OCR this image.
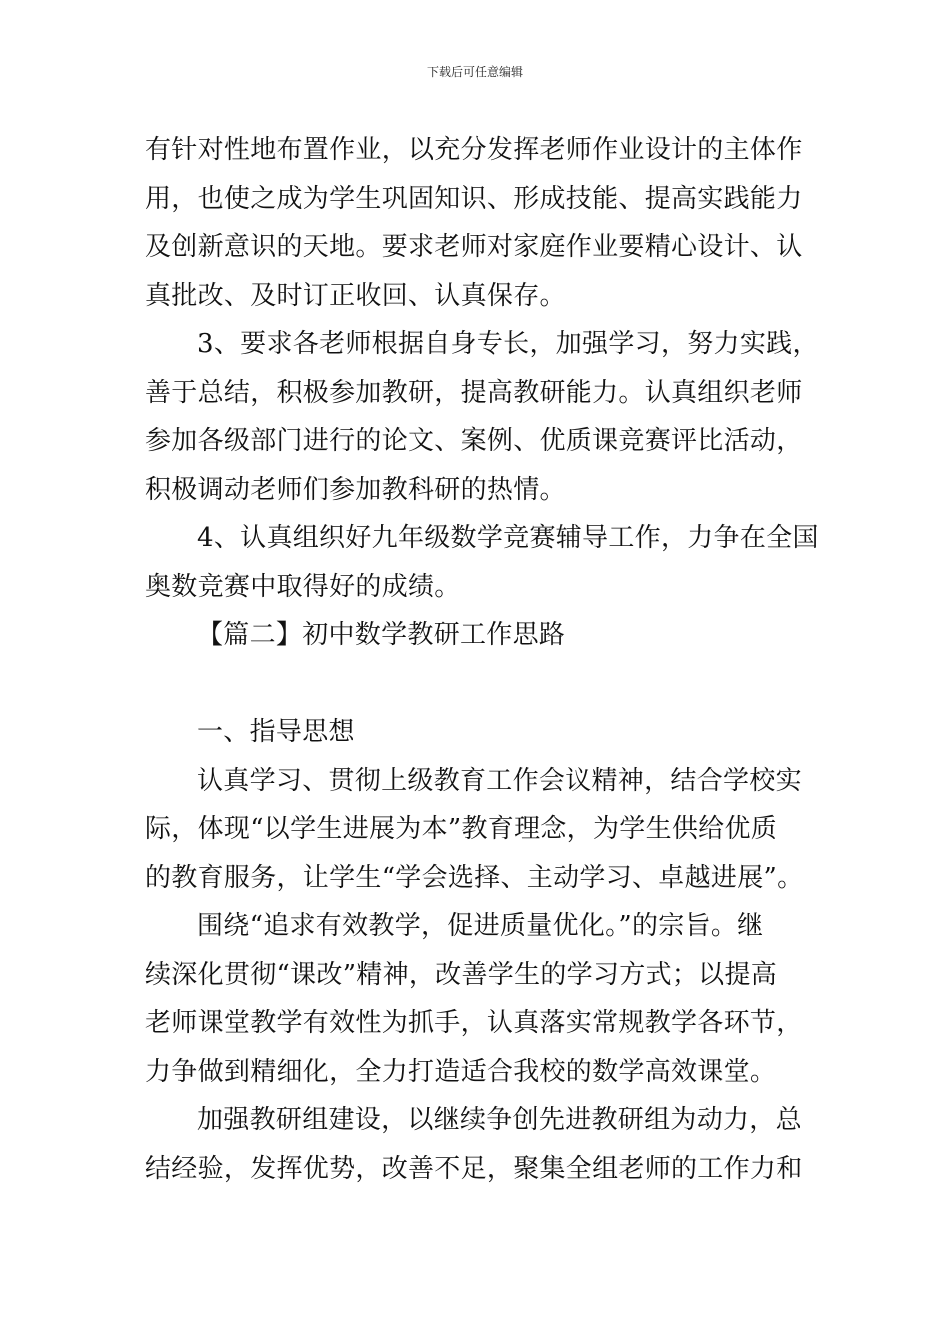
下载后可任意编辑
有针对性地布置作业，以充分发挥老师作业设计的主体作
用，也使之成为学生巩固知识、形成技能、提高实践能力
及创新意识的天地。要求老师对家庭作业要精心设计、认
真批改、及时订正收回、认真保存。
3、要求各老师根据自身专长，加强学习，努力实践，
善于总结，积极参加教研，提高教研能力。认真组织老师
参加各级部门进行的论文、案例、优质课竞赛评比活动，
积极调动老师们参加教科研的热情。
4、认真组织好九年级数学竞赛辅导工作，力争在全国
奥数竞赛中取得好的成绩。
【篇二】初中数学教研工作思路
一、指导思想
认真学习、贯彻上级教育工作会议精神，结合学校实
际，体现“以学生进展为本”教育理念，为学生供给优质
的教育服务，让学生“学会选择、主动学习、卓越进展”。
围绕“追求有效教学，促进质量优化。”的宗旨。继
续深化贯彻“课改”精神，改善学生的学习方式；以提高
老师课堂教学有效性为抓手，认真落实常规教学各环节，
力争做到精细化，全力打造适合我校的数学高效课堂。
加强教研组建设，以继续争创先进教研组为动力，总
结经验，发挥优势，改善不足，聚集全组老师的工作力和
